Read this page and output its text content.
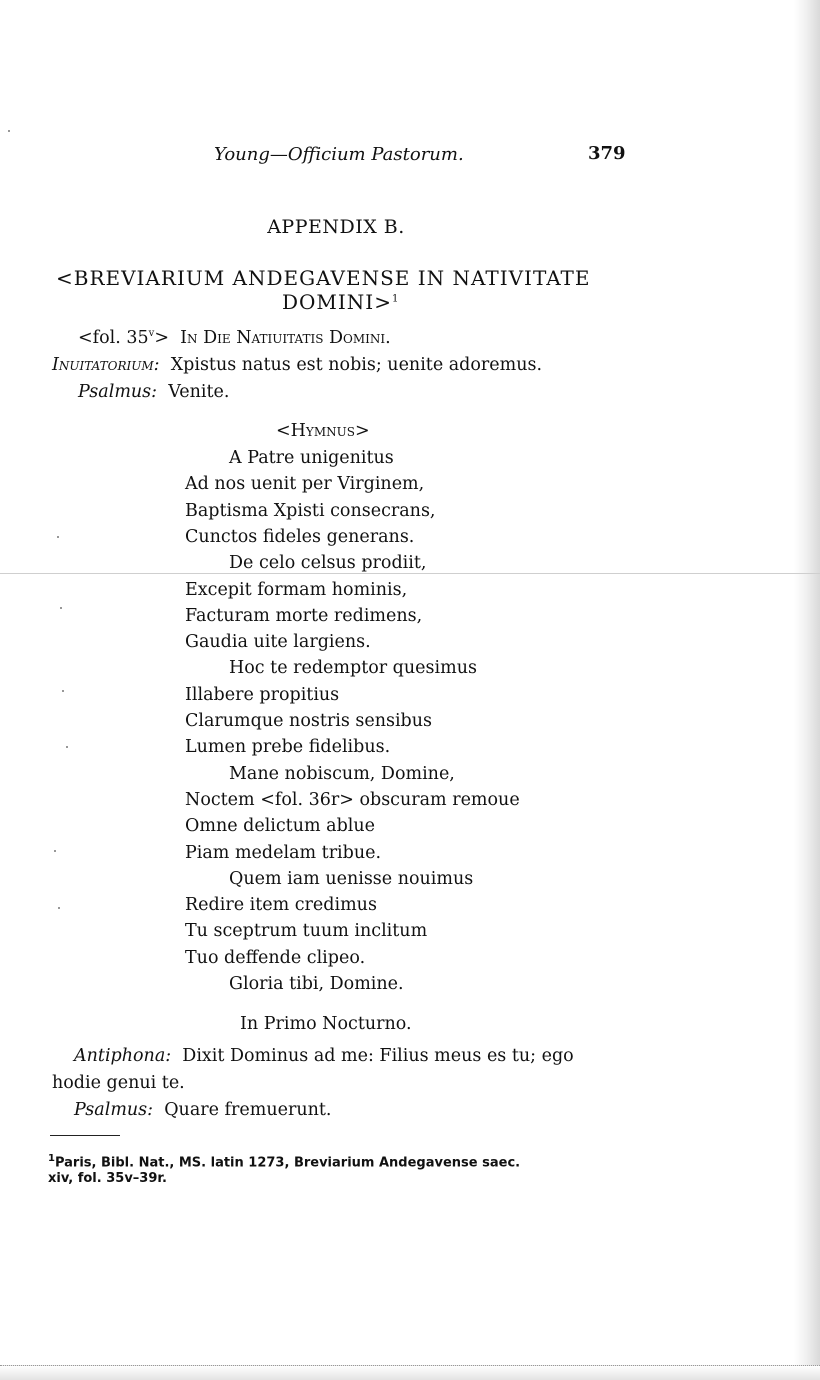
Young—Officium Pastorum.	379
APPENDIX B.
<BREVIARIUM ANDEGAVENSE IN NATIVITATE
DOMINI>$^1$
<fol. $35^v> In$ Die Natiuitatis Domini.
Inuitatorium: Xpistus natus est nobis; uenite adoremus.
Psalmus: Venite.
<Hymnus>
A Patre unigenitus
Ad nos uenit per Virginem,
Baptisma Xpisti consecrans,
Cunctos fideles generans.
De celo celsus prodiit,
Excepit formam hominis,
Facturam morte redimens,
Gaudia uite largiens.
Hoc te redemptor quesimus
Illabere propitius
Clarumque nostris sensibus
Lumen prebe fidelibus.
Mane nobiscum, Domine,
Noctem <fol. 36r> obscuram remoue
Omne delictum ablue
Piam medelam tribue.
Quem iam uenisse nouimus
Redire item credimus
Tu sceptrum tuum inclitum
Tuo deffende clipeo.
Gloria tibi, Domine.
In Primo Nocturno.
Antiphona: Dixit Dominus ad me: Filius meus es tu; ego
hodie genui te.
Psalmus: Quare fremuerunt.
$^1$Paris, Bibl. Nat., MS. latin 1273, Breviarium Andegavense saec.
xiv, fol. 35v–39r.
